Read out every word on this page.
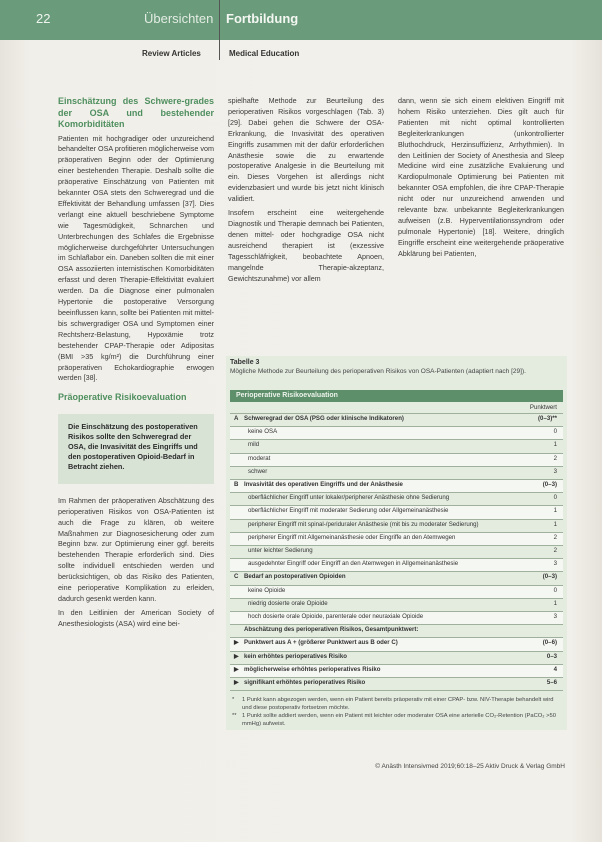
22	Übersichten Fortbildung
Review Articles	Medical Education
Einschätzung des Schwere-grades der OSA und bestehender Komorbiditäten

Patienten mit hochgradiger oder unzureichend behandelter OSA profitieren möglicherweise vom präoperativen Beginn oder der Optimierung einer bestehenden Therapie. Deshalb sollte die präoperative Einschätzung von Patienten mit bekannter OSA stets den Schweregrad und die Effektivität der Behandlung umfassen [37]. Dies verlangt eine aktuell beschriebene Symptome wie Tagesmüdigkeit, Schnarchen und Unterbrechungen des Schlafes die Ergebnisse möglicherweise durchgeführter Untersuchungen im Schlaflabor ein. Daneben sollten die mit einer OSA assoziierten internistischen Komorbiditäten erfasst und deren Therapie-Effektivität evaluiert werden. Da die Diagnose einer pulmonalen Hypertonie die postoperative Versorgung beeinflussen kann, sollte bei Patienten mit mittel- bis schwergradiger OSA und Symptomen einer Rechtsherz-Belastung, Hypoxämie trotz bestehender CPAP-Therapie oder Adipositas (BMI >35 kg/m²) die Durchführung einer präoperativen Echokardiographie erwogen werden [38].

Präoperative Risikoevaluation
Die Einschätzung des postoperativen Risikos sollte den Schweregrad der OSA, die Invasivität des Eingriffs und den postoperativen Opioid-Bedarf in Betracht ziehen.

Im Rahmen der präoperativen Abschätzung des perioperativen Risikos von OSA-Patienten ist auch die Frage zu klären, ob weitere Maßnahmen zur Diagnosesicherung oder zum Beginn bzw. zur Optimierung einer ggf. bereits bestehenden Therapie erforderlich sind. Dies sollte individuell entschieden werden und berücksichtigen, ob das Risiko des Patienten, eine perioperative Komplikation zu erleiden, dadurch gesenkt werden kann.

In den Leitlinien der American Society of Anesthesiologists (ASA) wird eine bei-

spielhafte Methode zur Beurteilung des perioperativen Risikos vorgeschlagen (Tab. 3) [29]. Dabei gehen die Schwere der OSA-Erkrankung, die Invasivität des operativen Eingriffs zusammen mit der dafür erforderlichen Anästhesie sowie die zu erwartende postoperative Analgesie in die Beurteilung mit ein. Dieses Vorgehen ist allerdings nicht evidenzbasiert und wurde bis jetzt nicht klinisch validiert.

Insofern erscheint eine weitergehende Diagnostik und Therapie demnach bei Patienten, denen mittel- oder hochgradige OSA nicht ausreichend therapiert ist (exzessive Tagesschläfrigkeit, beobachtete Apnoen, mangelnde Therapie-akzeptanz, Gewichtszunahme) vor allem

dann, wenn sie sich einem elektiven Eingriff mit hohem Risiko unterziehen. Dies gilt auch für Patienten mit nicht optimal kontrollierten Begleiterkrankungen (unkontrollierter Bluthochdruck, Herzinsuffizienz, Arrhythmien). In den Leitlinien der Society of Anesthesia and Sleep Medicine wird eine zusätzliche Evaluierung und Kardiopulmonale Optimierung bei Patienten mit bekannter OSA empfohlen, die ihre CPAP-Therapie nicht oder nur unzureichend anwenden und relevante bzw. unbekannte Begleiterkrankungen aufweisen (z.B. Hyperventilationssyndrom oder pulmonale Hypertonie) [18]. Weitere, dringlich Eingriffe erscheint eine weitergehende präoperative Abklärung bei Patienten,

Tabelle 3
Mögliche Methode zur Beurteilung des perioperativen Risikos von OSA-Patienten (adaptiert nach [29]).
Perioperative Risikoevaluation
Punktwert
A Schweregrad der OSA (PSG oder klinische Indikatoren)	(0–3)**
keine OSA	0
mild	1
moderat	2
schwer	3
B Invasivität des operativen Eingriffs und der Anästhesie	(0–3)
oberflächlicher Eingriff unter lokaler/peripherer Anästhesie ohne Sedierung	0
oberflächlicher Eingriff mit moderater Sedierung oder Allgemeinanästhesie	1
peripherer Eingriff mit spinal-/periduraler Anästhesie (mit bis zu moderater Sedierung)	1
peripherer Eingriff mit Allgemeinanästhesie oder Eingriffe an den Atemwegen	2
unter leichter Sedierung	2
ausgedehnter Eingriff oder Eingriff an den Atemwegen in Allgemeinanästhesie	3
C Bedarf an postoperativen Opioiden	(0–3)
keine Opioide	0
niedrig dosierte orale Opioide	1
hoch dosierte orale Opioide, parenterale oder neuraxiale Opioide	3
Abschätzung des perioperativen Risikos, Gesamtpunktwert:
▶ Punktwert aus A + (größerer Punktwert aus B oder C)	(0–6)
▶ kein erhöhtes perioperatives Risiko	0–3
▶ möglicherweise erhöhtes perioperatives Risiko	4
▶ signifikant erhöhtes perioperatives Risiko	5–6
* 1 Punkt kann abgezogen werden, wenn ein Patient bereits präoperativ mit einer CPAP- bzw. NIV-Therapie behandelt wird und diese postoperativ fortsetzen möchte.
** 1 Punkt sollte addiert werden, wenn ein Patient mit leichter oder moderater OSA eine arterielle CO₂-Retention (PaCO₂ >50 mmHg) aufweist.
© Anästh Intensivmed 2019;60:18–25 Aktiv Druck & Verlag GmbH
